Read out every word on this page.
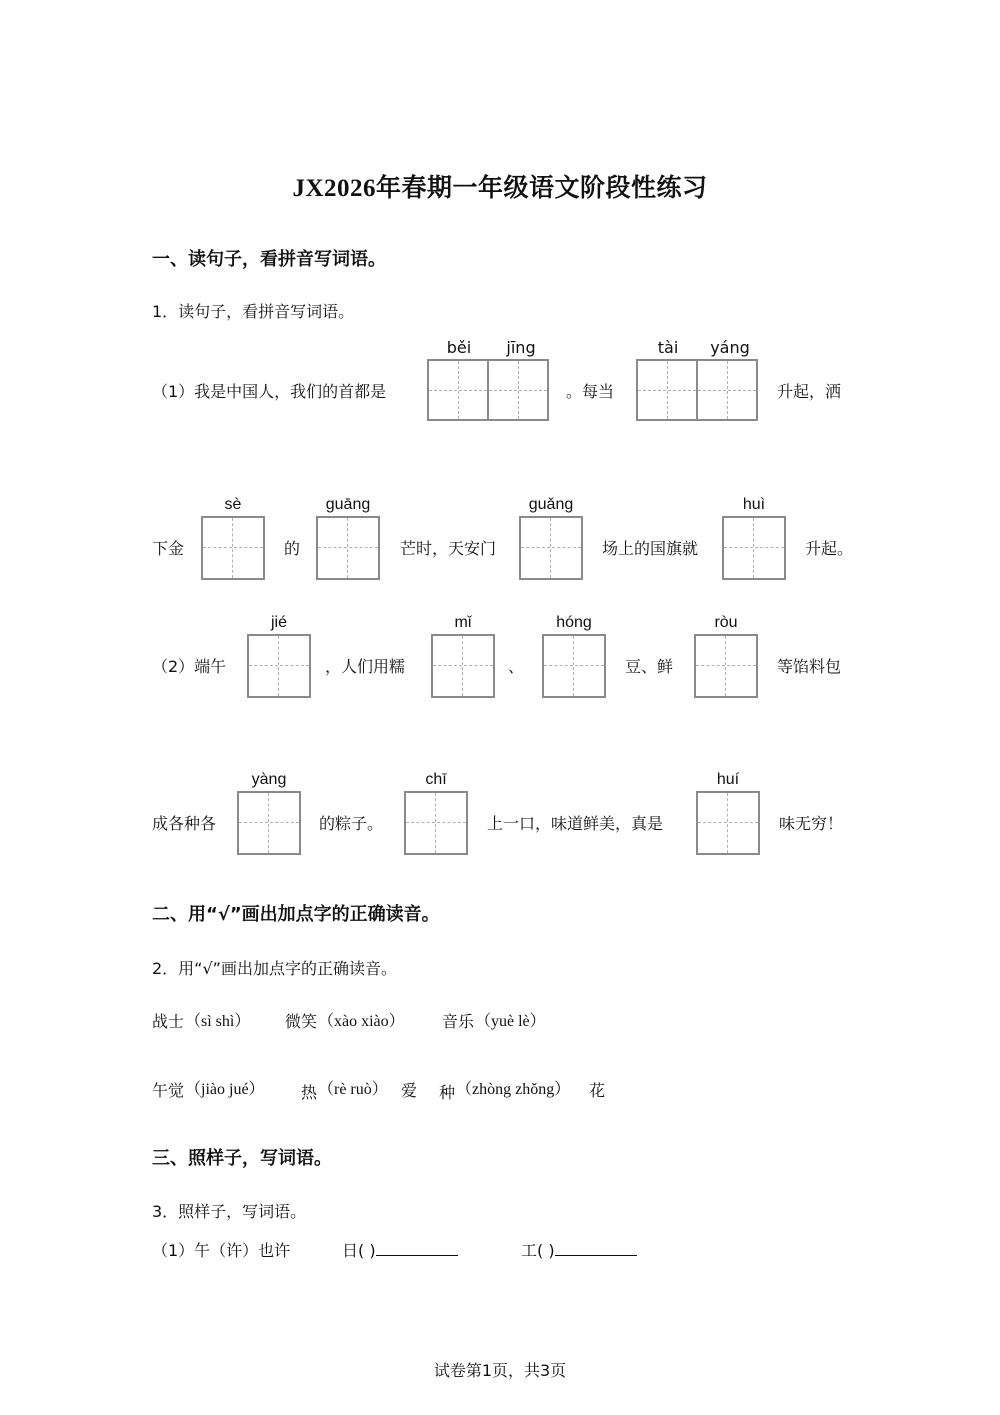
JX2026年春期一年级语文阶段性练习
一、读句子，看拼音写词语。
1．读句子，看拼音写词语。
（1）我是中国人，我们的首都是
běi	jīng
。每当
tài	yáng
升起，洒
下金
sè
的
guāng
芒时，天安门
guǎng
场上的国旗就
huì
升起。
（2）端午
jié
，人们用糯
mǐ
、
hóng
豆、鲜
ròu
等馅料包
成各种各
yàng
的粽子。
chī
上一口，味道鲜美，真是
huí
味无穷！
二、用“√”画出加点字的正确读音。
2．用“√”画出加点字的正确读音。
战士 （sì shì） 微笑 （xào xiào） 音乐 （yuè lè）
午觉 （jiào jué） 热 （rè ruò） 爱 种 （zhòng zhǒng） 花
三、照样子，写词语。
3．照样子，写词语。
（1）午（许）也许	日( )	工( )
试卷第1页，共3页
